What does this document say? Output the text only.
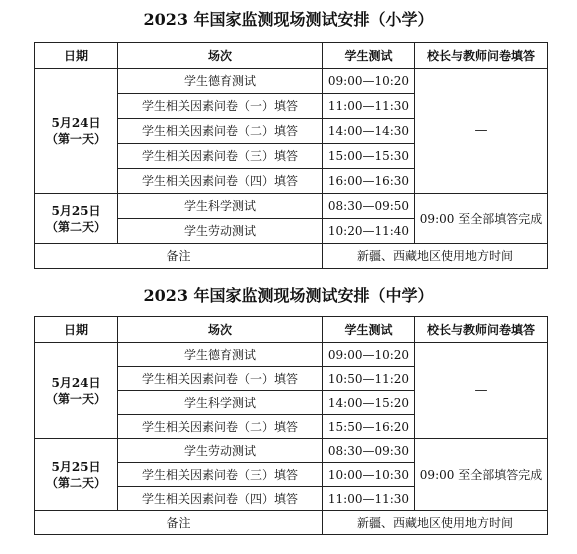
2023 年国家监测现场测试安排（小学）
日期	场次	学生测试	校长与教师问卷填答

5月24日
（第一天）	学生德育测试	09:00—10:20	—
	学生相关因素问卷（一）填答	11:00—11:30	
	学生相关因素问卷（二）填答	14:00—14:30	
	学生相关因素问卷（三）填答	15:00—15:30	
	学生相关因素问卷（四）填答	16:00—16:30	

5月25日
（第二天）	学生科学测试	08:30—09:50	09:00 至全部填答完成
	学生劳动测试	10:20—11:40	
备注		新疆、西藏地区使用地方时间	
2023 年国家监测现场测试安排（中学）
日期	场次	学生测试	校长与教师问卷填答

5月24日
（第一天）	学生德育测试	09:00—10:20	—
	学生相关因素问卷（一）填答	10:50—11:20	
	学生科学测试	14:00—15:20	
	学生相关因素问卷（二）填答	15:50—16:20	

5月25日
（第二天）	学生劳动测试	08:30—09:30	09:00 至全部填答完成
	学生相关因素问卷（三）填答	10:00—10:30	
	学生相关因素问卷（四）填答	11:00—11:30	
备注		新疆、西藏地区使用地方时间	
